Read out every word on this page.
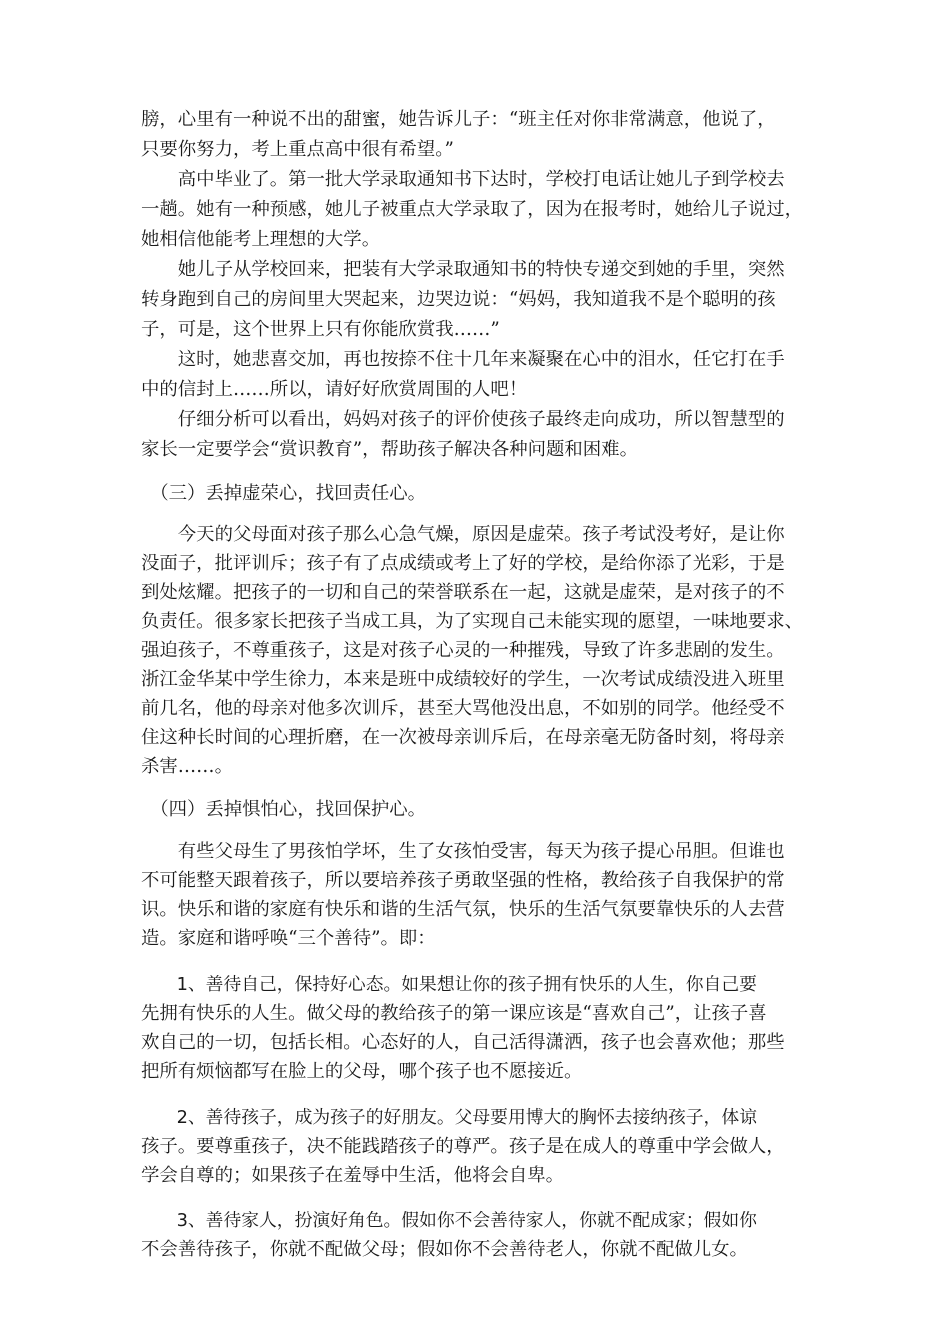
膀，心里有一种说不出的甜蜜，她告诉儿子：“班主任对你非常满意，他说了，
只要你努力，考上重点高中很有希望。”
　　高中毕业了。第一批大学录取通知书下达时，学校打电话让她儿子到学校去
一趟。她有一种预感，她儿子被重点大学录取了，因为在报考时，她给儿子说过，
她相信他能考上理想的大学。
　　她儿子从学校回来，把装有大学录取通知书的特快专递交到她的手里，突然
转身跑到自己的房间里大哭起来，边哭边说：“妈妈，我知道我不是个聪明的孩
子，可是，这个世界上只有你能欣赏我……”
　　这时，她悲喜交加，再也按捺不住十几年来凝聚在心中的泪水，任它打在手
中的信封上……所以，请好好欣赏周围的人吧！
　　仔细分析可以看出，妈妈对孩子的评价使孩子最终走向成功，所以智慧型的
家长一定要学会“赏识教育”，帮助孩子解决各种问题和困难。
　（三）丢掉虚荣心，找回责任心。
　　今天的父母面对孩子那么心急气燥，原因是虚荣。孩子考试没考好，是让你
没面子，批评训斥；孩子有了点成绩或考上了好的学校，是给你添了光彩，于是
到处炫耀。把孩子的一切和自己的荣誉联系在一起，这就是虚荣，是对孩子的不
负责任。很多家长把孩子当成工具，为了实现自己未能实现的愿望，一味地要求、
强迫孩子，不尊重孩子，这是对孩子心灵的一种摧残，导致了许多悲剧的发生。
浙江金华某中学生徐力，本来是班中成绩较好的学生，一次考试成绩没进入班里
前几名，他的母亲对他多次训斥，甚至大骂他没出息，不如别的同学。他经受不
住这种长时间的心理折磨，在一次被母亲训斥后，在母亲毫无防备时刻，将母亲
杀害……。
　（四）丢掉惧怕心，找回保护心。
　　有些父母生了男孩怕学坏，生了女孩怕受害，每天为孩子提心吊胆。但谁也
不可能整天跟着孩子，所以要培养孩子勇敢坚强的性格，教给孩子自我保护的常
识。快乐和谐的家庭有快乐和谐的生活气氛，快乐的生活气氛要靠快乐的人去营
造。家庭和谐呼唤“三个善待”。即：
　　1、善待自己，保持好心态。如果想让你的孩子拥有快乐的人生，你自己要
先拥有快乐的人生。做父母的教给孩子的第一课应该是“喜欢自己”，让孩子喜
欢自己的一切，包括长相。心态好的人，自己活得潇洒，孩子也会喜欢他；那些
把所有烦恼都写在脸上的父母，哪个孩子也不愿接近。
　　2、善待孩子，成为孩子的好朋友。父母要用博大的胸怀去接纳孩子，体谅
孩子。要尊重孩子，决不能践踏孩子的尊严。孩子是在成人的尊重中学会做人，
学会自尊的；如果孩子在羞辱中生活，他将会自卑。
　　3、善待家人，扮演好角色。假如你不会善待家人，你就不配成家；假如你
不会善待孩子，你就不配做父母；假如你不会善待老人，你就不配做儿女。
